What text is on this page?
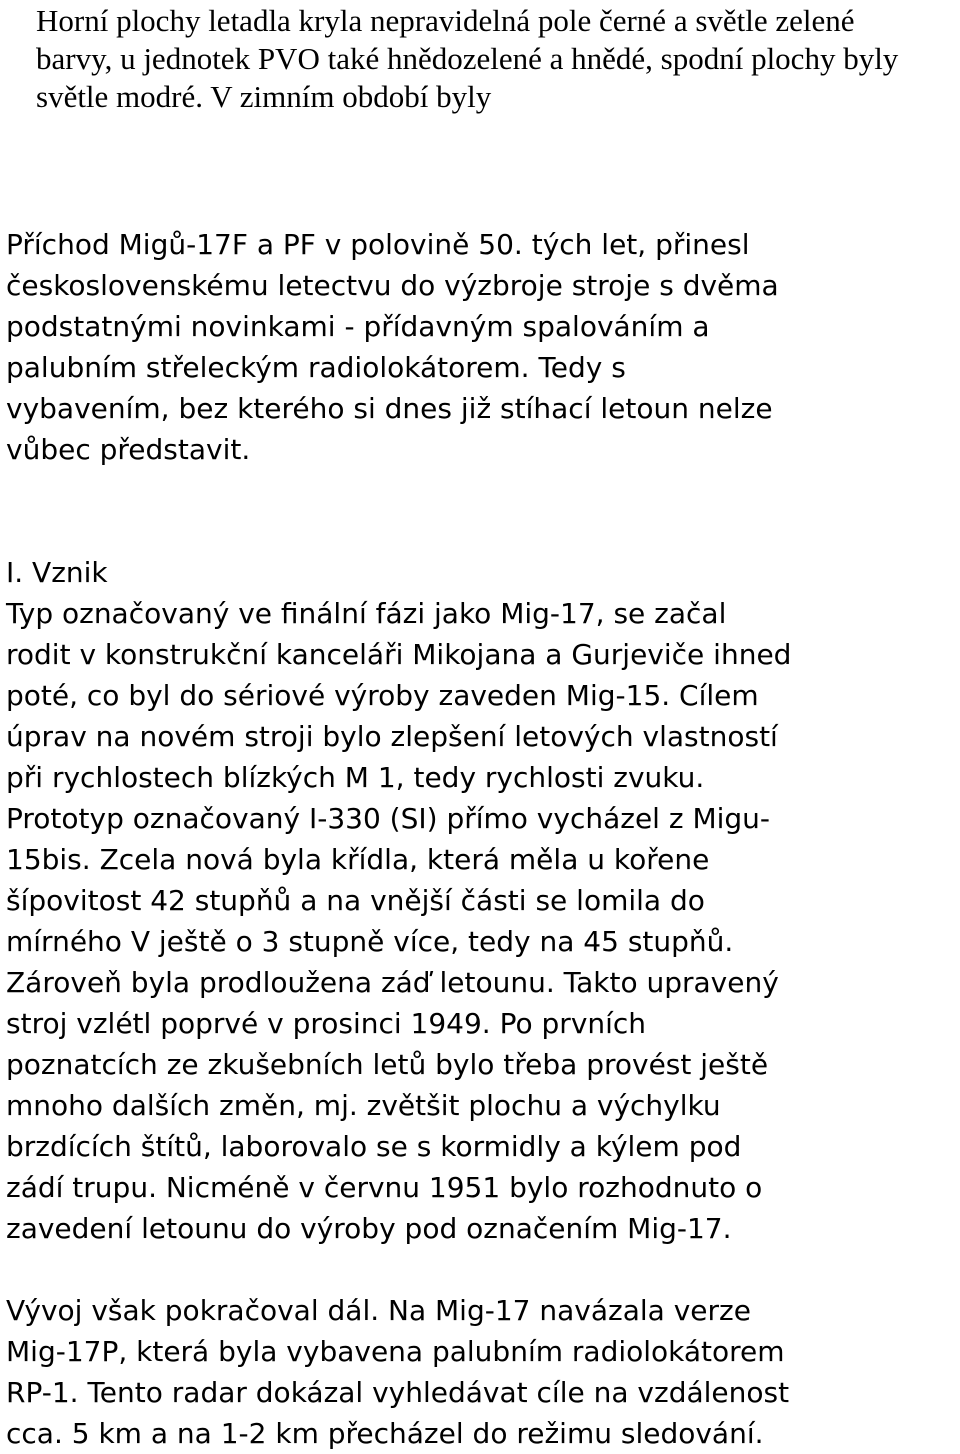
Horní plochy letadla kryla nepravidelná pole černé a světle zelené
barvy, u jednotek PVO také hnědozelené a hnědé, spodní plochy byly
světle modré. V zimním období byly

Příchod Migů-17F a PF v polovině 50. tých let, přinesl
československému letectvu do výzbroje stroje s dvěma
podstatnými novinkami - přídavným spalováním a
palubním střeleckým radiolokátorem. Tedy s
vybavením, bez kterého si dnes již stíhací letoun nelze
vůbec představit.

I. Vznik
Typ označovaný ve finální fázi jako Mig-17, se začal
rodit v konstrukční kanceláři Mikojana a Gurjeviče ihned
poté, co byl do sériové výroby zaveden Mig-15. Cílem
úprav na novém stroji bylo zlepšení letových vlastností
při rychlostech blízkých M 1, tedy rychlosti zvuku.
Prototyp označovaný I-330 (SI) přímo vycházel z Migu-
15bis. Zcela nová byla křídla, která měla u kořene
šípovitost 42 stupňů a na vnější části se lomila do
mírného V ještě o 3 stupně více, tedy na 45 stupňů.
Zároveň byla prodloužena záď letounu. Takto upravený
stroj vzlétl poprvé v prosinci 1949. Po prvních
poznatcích ze zkušebních letů bylo třeba provést ještě
mnoho dalších změn, mj. zvětšit plochu a výchylku
brzdících štítů, laborovalo se s kormidly a kýlem pod
zádí trupu. Nicméně v červnu 1951 bylo rozhodnuto o
zavedení letounu do výroby pod označením Mig-17.

Vývoj však pokračoval dál. Na Mig-17 navázala verze
Mig-17P, která byla vybavena palubním radiolokátorem
RP-1. Tento radar dokázal vyhledávat cíle na vzdálenost
cca. 5 km a na 1-2 km přecházel do režimu sledování.
